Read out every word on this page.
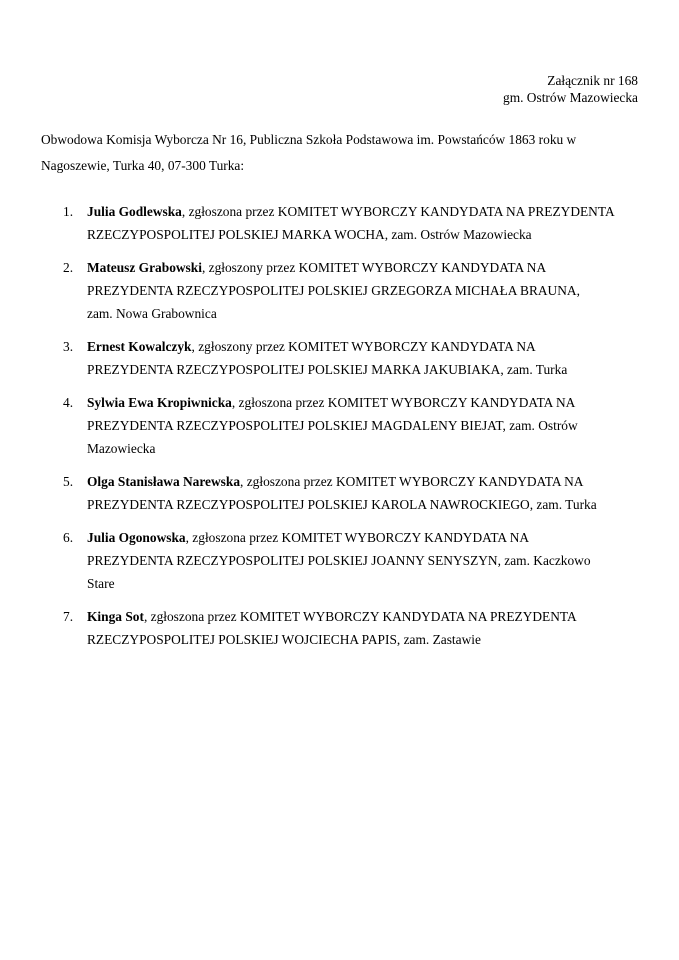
Załącznik nr 168
gm. Ostrów Mazowiecka
Obwodowa Komisja Wyborcza Nr 16, Publiczna Szkoła Podstawowa im. Powstańców 1863 roku w
Nagoszewie, Turka 40, 07-300 Turka:
1. Julia Godlewska, zgłoszona przez KOMITET WYBORCZY KANDYDATA NA PREZYDENTA
RZECZYPOSPOLITEJ POLSKIEJ MARKA WOCHA, zam. Ostrów Mazowiecka
2. Mateusz Grabowski, zgłoszony przez KOMITET WYBORCZY KANDYDATA NA
PREZYDENTA RZECZYPOSPOLITEJ POLSKIEJ GRZEGORZA MICHAŁA BRAUNA,
zam. Nowa Grabownica
3. Ernest Kowalczyk, zgłoszony przez KOMITET WYBORCZY KANDYDATA NA
PREZYDENTA RZECZYPOSPOLITEJ POLSKIEJ MARKA JAKUBIAKA, zam. Turka
4. Sylwia Ewa Kropiwnicka, zgłoszona przez KOMITET WYBORCZY KANDYDATA NA
PREZYDENTA RZECZYPOSPOLITEJ POLSKIEJ MAGDALENY BIEJAT, zam. Ostrów
Mazowiecka
5. Olga Stanisława Narewska, zgłoszona przez KOMITET WYBORCZY KANDYDATA NA
PREZYDENTA RZECZYPOSPOLITEJ POLSKIEJ KAROLA NAWROCKIEGO, zam. Turka
6. Julia Ogonowska, zgłoszona przez KOMITET WYBORCZY KANDYDATA NA
PREZYDENTA RZECZYPOSPOLITEJ POLSKIEJ JOANNY SENYSZYN, zam. Kaczkowo
Stare
7. Kinga Sot, zgłoszona przez KOMITET WYBORCZY KANDYDATA NA PREZYDENTA
RZECZYPOSPOLITEJ POLSKIEJ WOJCIECHA PAPIS, zam. Zastawie
